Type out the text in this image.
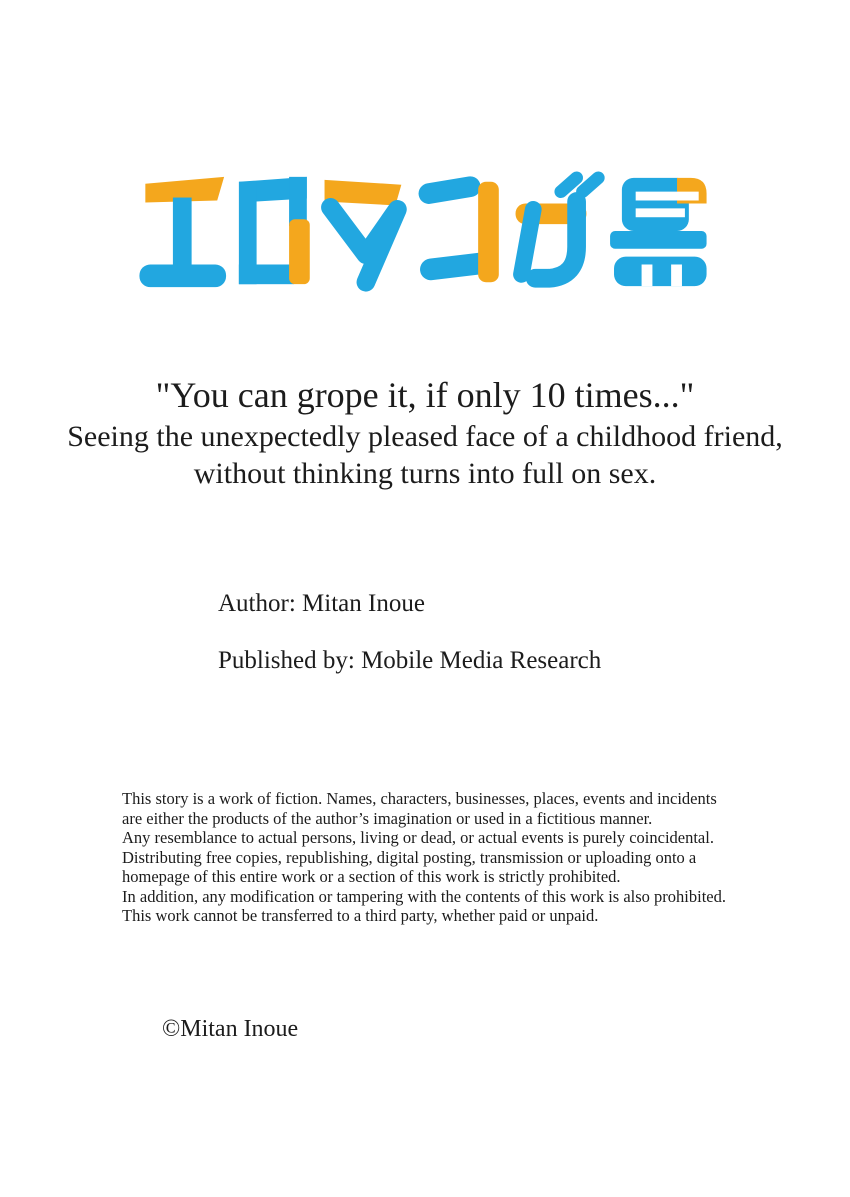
"You can grope it, if only 10 times..."
Seeing the unexpectedly pleased face of a childhood friend,
without thinking turns into full on sex.
Author: Mitan Inoue
Published by: Mobile Media Research
This story is a work of fiction. Names, characters, businesses, places, events and incidents
are either the products of the author’s imagination or used in a fictitious manner.
Any resemblance to actual persons, living or dead, or actual events is purely coincidental.
Distributing free copies, republishing, digital posting, transmission or uploading onto a
homepage of this entire work or a section of this work is strictly prohibited.
In addition, any modification or tampering with the contents of this work is also prohibited.
This work cannot be transferred to a third party, whether paid or unpaid.
©Mitan Inoue
